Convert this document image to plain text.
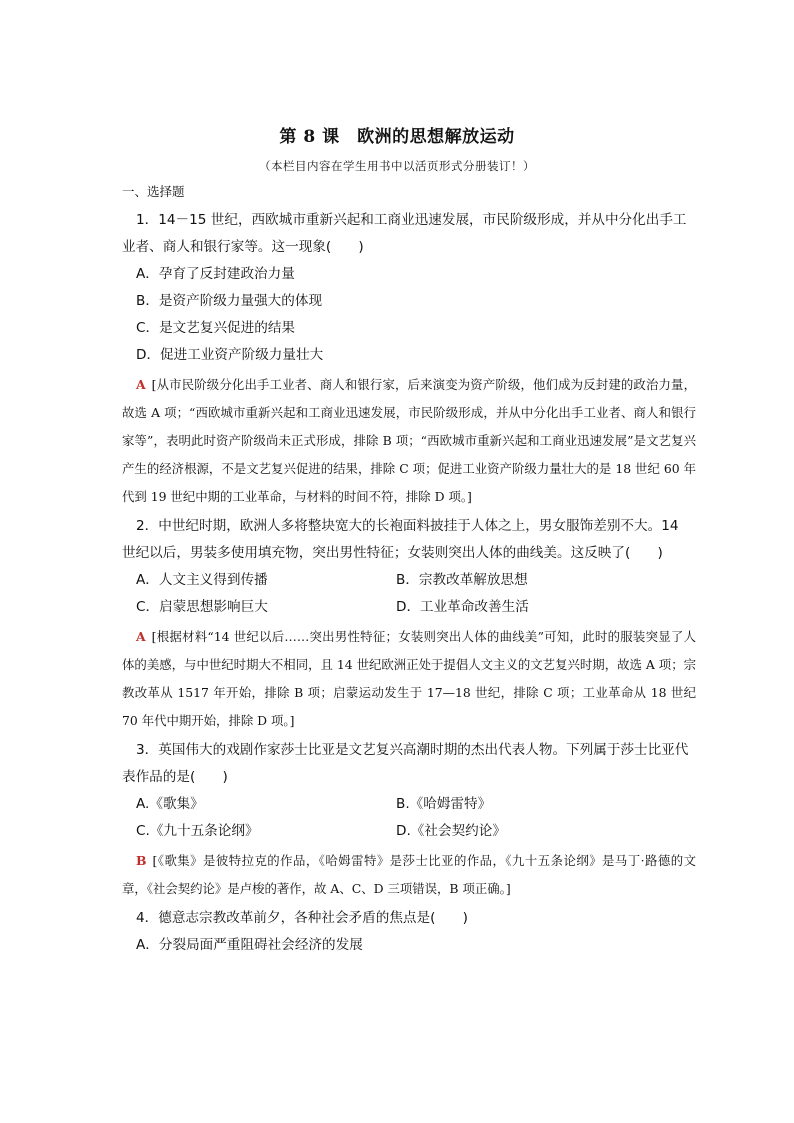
第 8 课　欧洲的思想解放运动
（本栏目内容在学生用书中以活页形式分册装订！）
一、选择题

1．14－15 世纪，西欧城市重新兴起和工商业迅速发展，市民阶级形成，并从中分化出手工业者、商人和银行家等。这一现象(　　)

A．孕育了反封建政治力量

B．是资产阶级力量强大的体现

C．是文艺复兴促进的结果

D．促进工业资产阶级力量壮大

A [从市民阶级分化出手工业者、商人和银行家，后来演变为资产阶级，他们成为反封建的政治力量，故选 A 项；“西欧城市重新兴起和工商业迅速发展，市民阶级形成，并从中分化出手工业者、商人和银行家等”，表明此时资产阶级尚未正式形成，排除 B 项；“西欧城市重新兴起和工商业迅速发展”是文艺复兴产生的经济根源，不是文艺复兴促进的结果，排除 C 项；促进工业资产阶级力量壮大的是 18 世纪 60 年代到 19 世纪中期的工业革命，与材料的时间不符，排除 D 项。]

2．中世纪时期，欧洲人多将整块宽大的长袍面料披挂于人体之上，男女服饰差别不大。14 世纪以后，男装多使用填充物，突出男性特征；女装则突出人体的曲线美。这反映了(　　)

A．人文主义得到传播	B．宗教改革解放思想
C．启蒙思想影响巨大	D．工业革命改善生活

A [根据材料“14 世纪以后……突出男性特征；女装则突出人体的曲线美”可知，此时的服装突显了人体的美感，与中世纪时期大不相同，且 14 世纪欧洲正处于提倡人文主义的文艺复兴时期，故选 A 项；宗教改革从 1517 年开始，排除 B 项；启蒙运动发生于 17—18 世纪，排除 C 项；工业革命从 18 世纪 70 年代中期开始，排除 D 项。]

3．英国伟大的戏剧作家莎士比亚是文艺复兴高潮时期的杰出代表人物。下列属于莎士比亚代表作品的是(　　)

A.《歌集》	B.《哈姆雷特》
C.《九十五条论纲》	D.《社会契约论》

B [《歌集》是彼特拉克的作品，《哈姆雷特》是莎士比亚的作品，《九十五条论纲》是马丁·路德的文章，《社会契约论》是卢梭的著作，故 A、C、D 三项错误，B 项正确。]

4．德意志宗教改革前夕，各种社会矛盾的焦点是(　　)

A．分裂局面严重阻碍社会经济的发展
